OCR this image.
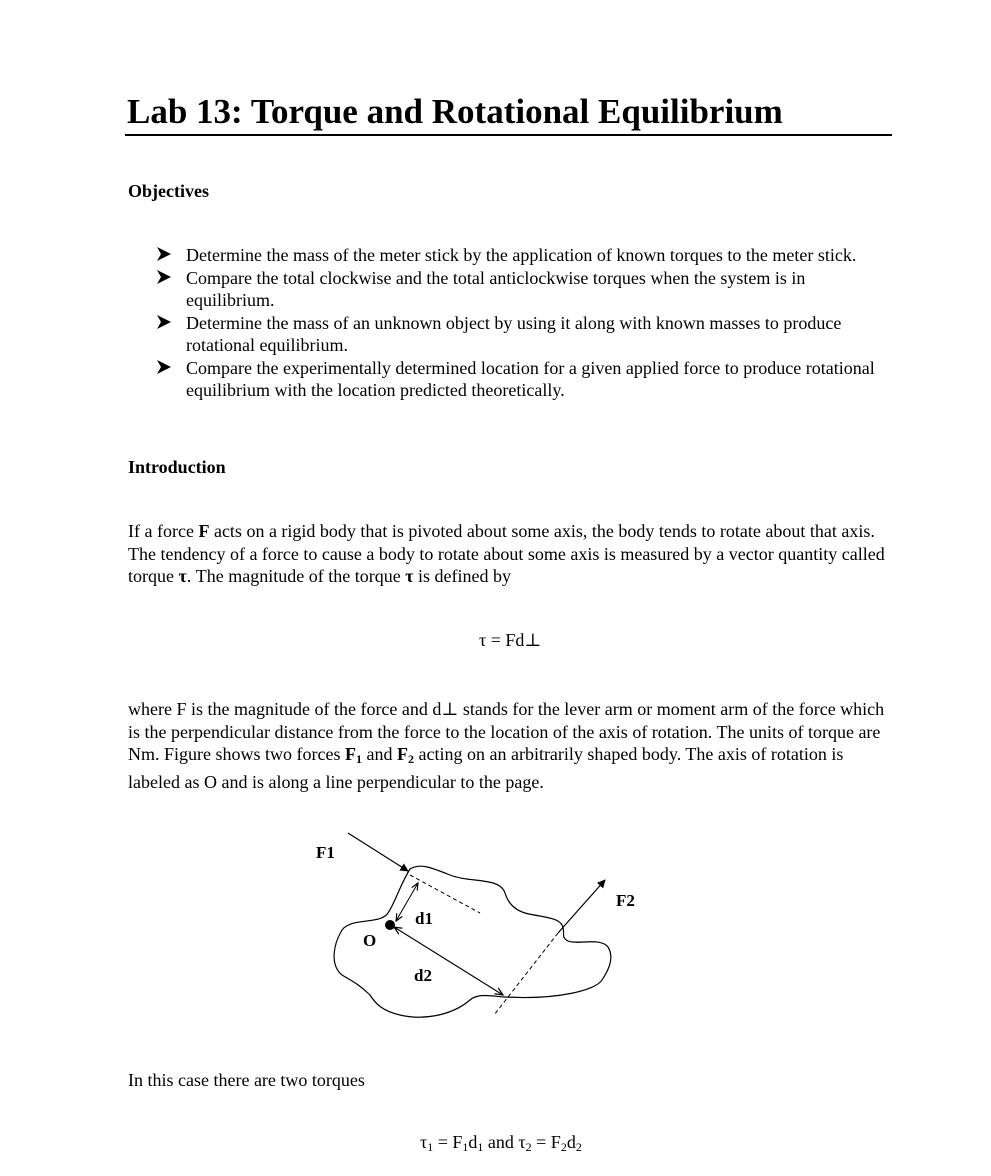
Lab 13: Torque and Rotational Equilibrium
Objectives
Determine the mass of the meter stick by the application of known torques to the meter stick.
Compare the total clockwise and the total anticlockwise torques when the system is in equilibrium.
Determine the mass of an unknown object by using it along with known masses to produce rotational equilibrium.
Compare the experimentally determined location for a given applied force to produce rotational equilibrium with the location predicted theoretically.
Introduction

If a force F acts on a rigid body that is pivoted about some axis, the body tends to rotate about that axis. The tendency of a force to cause a body to rotate about some axis is measured by a vector quantity called torque τ. The magnitude of the torque τ is defined by

τ = Fd⊥

where F is the magnitude of the force and d⊥ stands for the lever arm or moment arm of the force which is the perpendicular distance from the force to the location of the axis of rotation. The units of torque are Nm. Figure shows two forces $F_1$ and $F_2$ acting on an arbitrarily shaped body. The axis of rotation is labeled as O and is along a line perpendicular to the page.

F1
F2
d1
d2
O

In this case there are two torques

$\tau_1 = F_1d_1$ and $\tau_2 = F_2d_2$
